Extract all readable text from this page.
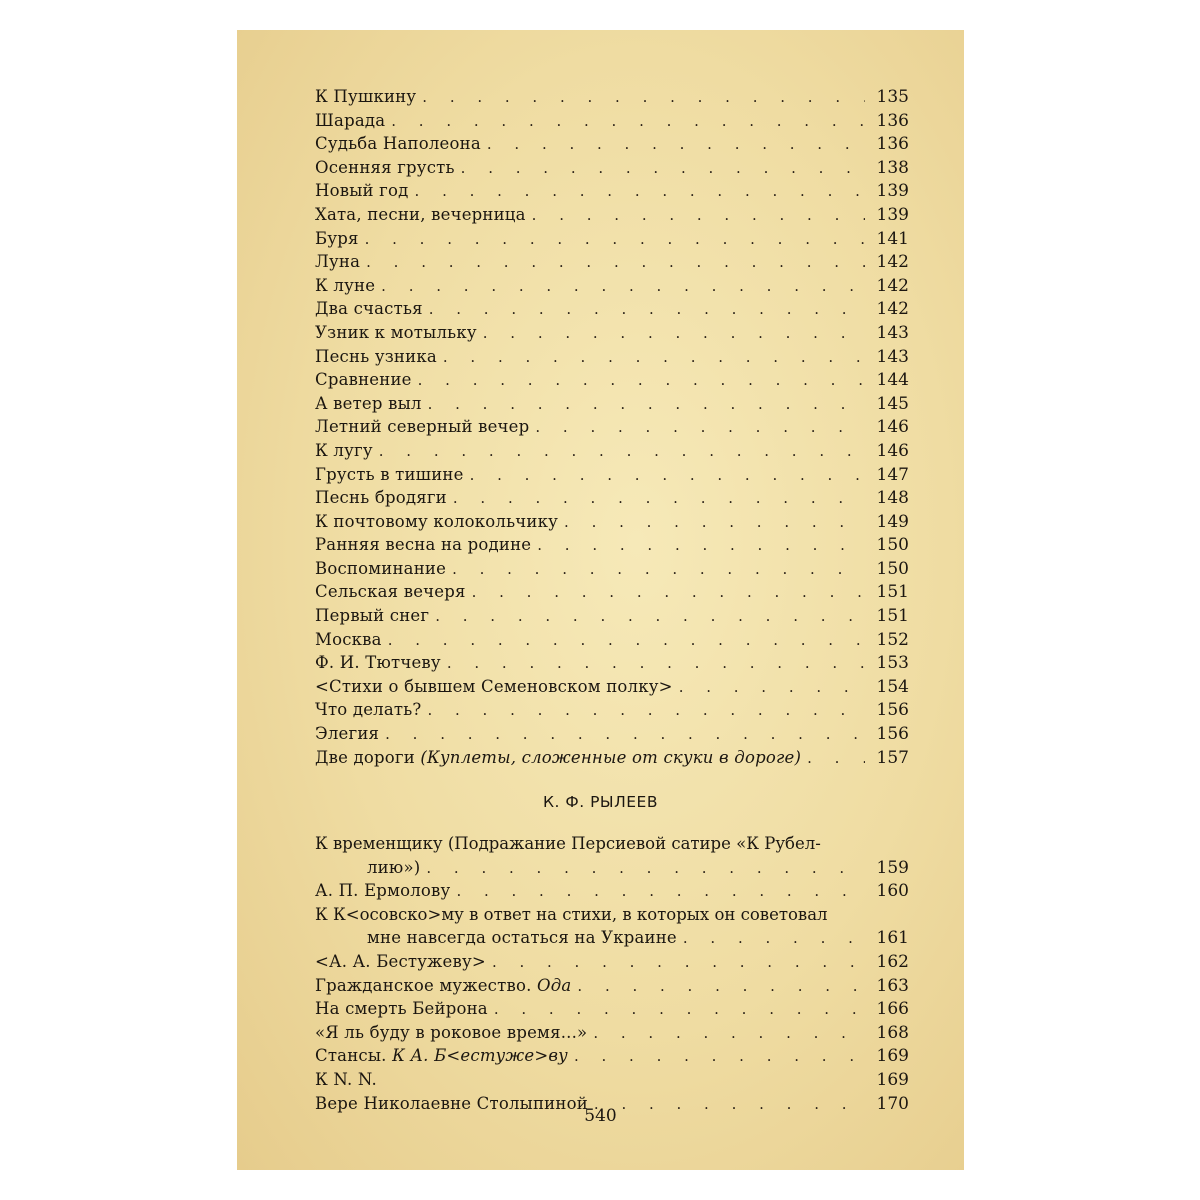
К Пушкину . . .	135
Шарада . . .	136
Судьба Наполеона . . .	136
Осенняя грусть . . .	138
Новый год . . .	139
Хата, песни, вечерница . . .	139
Буря . . .	141
Луна . . .	142
К луне . . .	142
Два счастья . . .	142
Узник к мотыльку . . .	143
Песнь узника . . .	143
Сравнение . . .	144
А ветер выл . . .	145
Летний северный вечер . . .	146
К лугу . . .	146
Грусть в тишине . . .	147
Песнь бродяги . . .	148
К почтовому колокольчику . . .	149
Ранняя весна на родине . . .	150
Воспоминание . . .	150
Сельская вечеря . . .	151
Первый снег . . .	151
Москва . . .	152
Ф. И. Тютчеву . . .	153
<Стихи о бывшем Семеновском полку> . . .	154
Что делать? . . .	156
Элегия . . .	156
Две дороги (Куплеты, сложенные от скуки в дороге) . . .	157
К. Ф. РЫЛЕЕВ
К временщику (Подражание Персиевой сатире «К Рубел-
лию») . . .	159
А. П. Ермолову . . .	160
К К<осовско>му в ответ на стихи, в которых он советовал
мне навсегда остаться на Украине . . .	161
<А. А. Бестужеву> . . .	162
Гражданское мужество. Ода . . .	163
На смерть Бейрона . . .	166
«Я ль буду в роковое время...» . . .	168
Стансы. К А. Б<естуже>ву . . .	169
К N. N.	169
Вере Николаевне Столыпиной . . .	170
540
